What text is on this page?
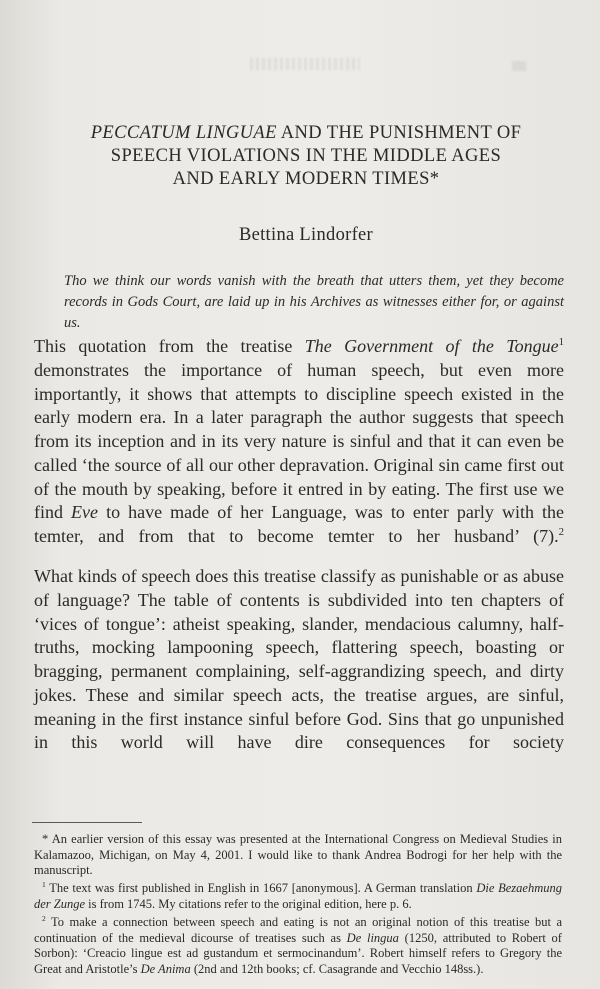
PECCATUM LINGUAE AND THE PUNISHMENT OF
SPEECH VIOLATIONS IN THE MIDDLE AGES
AND EARLY MODERN TIMES*
Bettina Lindorfer

Tho we think our words vanish with the breath that utters them, yet they become records in Gods Court, are laid up in his Archives as witnesses either for, or against us.

This quotation from the treatise The Government of the Tongue$^1$ demonstrates the importance of human speech, but even more importantly, it shows that attempts to discipline speech existed in the early modern era. In a later paragraph the author suggests that speech from its inception and in its very nature is sinful and that it can even be called ‘the source of all our other depravation. Original sin came first out of the mouth by speaking, before it entred in by eating. The first use we find Eve to have made of her Language, was to enter parly with the temter, and from that to become temter to her husband’ (7).$^2$

What kinds of speech does this treatise classify as punishable or as abuse of language? The table of contents is subdivided into ten chapters of ‘vices of tongue’: atheist speaking, slander, mendacious calumny, half-truths, mocking lampooning speech, flattering speech, boasting or bragging, permanent complaining, self-aggrandizing speech, and dirty jokes. These and similar speech acts, the treatise argues, are sinful, meaning in the first instance sinful before God. Sins that go unpunished in this world will have dire consequences for society

* An earlier version of this essay was presented at the International Congress on Medieval Studies in Kalamazoo, Michigan, on May 4, 2001. I would like to thank Andrea Bodrogi for her help with the manuscript.

$^1$ The text was first published in English in 1667 [anonymous]. A German translation Die Bezaehmung der Zunge is from 1745. My citations refer to the original edition, here p. 6.

$^2$ To make a connection between speech and eating is not an original notion of this treatise but a continuation of the medieval dicourse of treatises such as De lingua (1250, attributed to Robert of Sorbon): ‘Creacio lingue est ad gustandum et sermocinandum’. Robert himself refers to Gregory the Great and Aristotle’s De Anima (2nd and 12th books; cf. Casagrande and Vecchio 148ss.).
